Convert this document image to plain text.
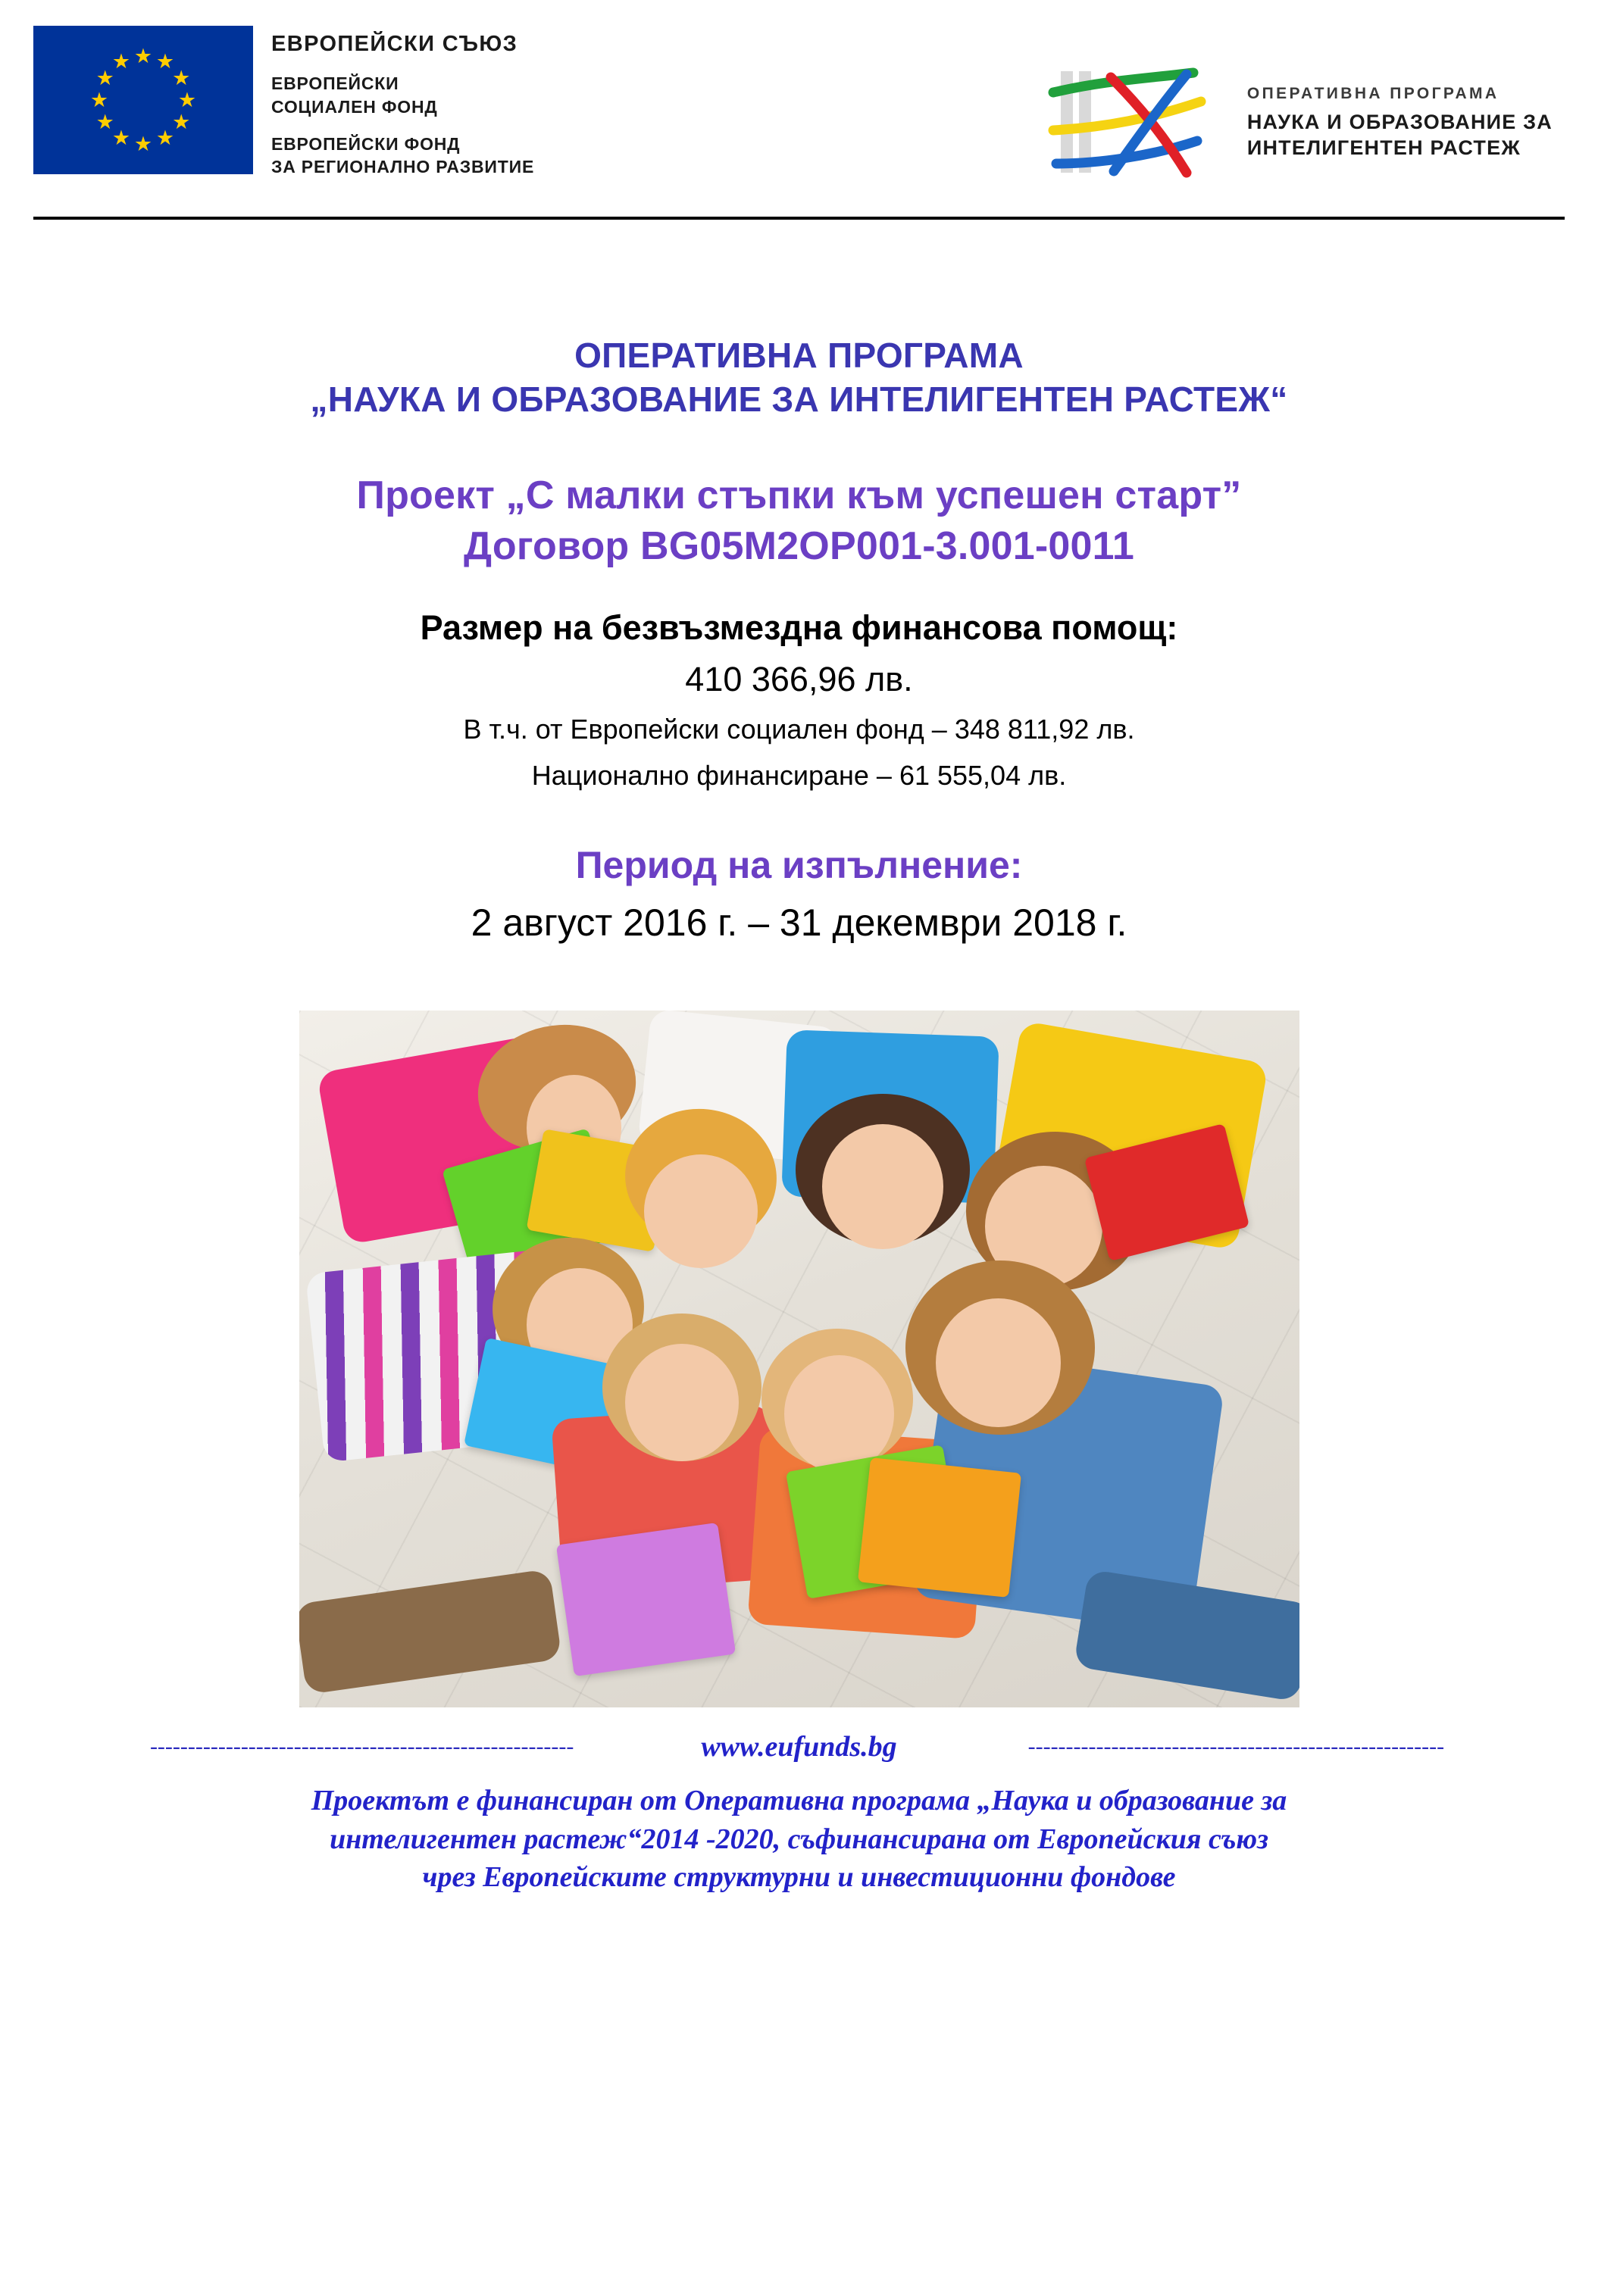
★ ★
★
★
★
★
★
★
★
★
★
★
ЕВРОПЕЙСКИ СЪЮЗ
ЕВРОПЕЙСКИ
СОЦИАЛЕН ФОНД
ЕВРОПЕЙСКИ ФОНД
ЗА РЕГИОНАЛНО РАЗВИТИЕ
ОПЕРАТИВНА ПРОГРАМА
НАУКА И ОБРАЗОВАНИЕ ЗА
ИНТЕЛИГЕНТЕН РАСТЕЖ
ОПЕРАТИВНА ПРОГРАМА
„НАУКА И ОБРАЗОВАНИЕ ЗА ИНТЕЛИГЕНТЕН РАСТЕЖ“
Проект „С малки стъпки към успешен старт”
Договор BG05M2OP001-3.001-0011
Размер на безвъзмездна финансова помощ:
410 366,96 лв.
В т.ч. от Европейски социален фонд – 348 811,92 лв.
Национално финансиране – 61 555,04 лв.
Период на изпълнение:
2 август 2016 г. – 31 декември 2018 г.
--------------------------------------------------------	www.eufunds.bg	-------------------------------------------------------
Проектът е финансиран от Оперативна програма „Наука и образование за
интелигентен растеж“2014 -2020, съфинансирана от Европейския съюз
чрез Европейските структурни и инвестиционни фондове
